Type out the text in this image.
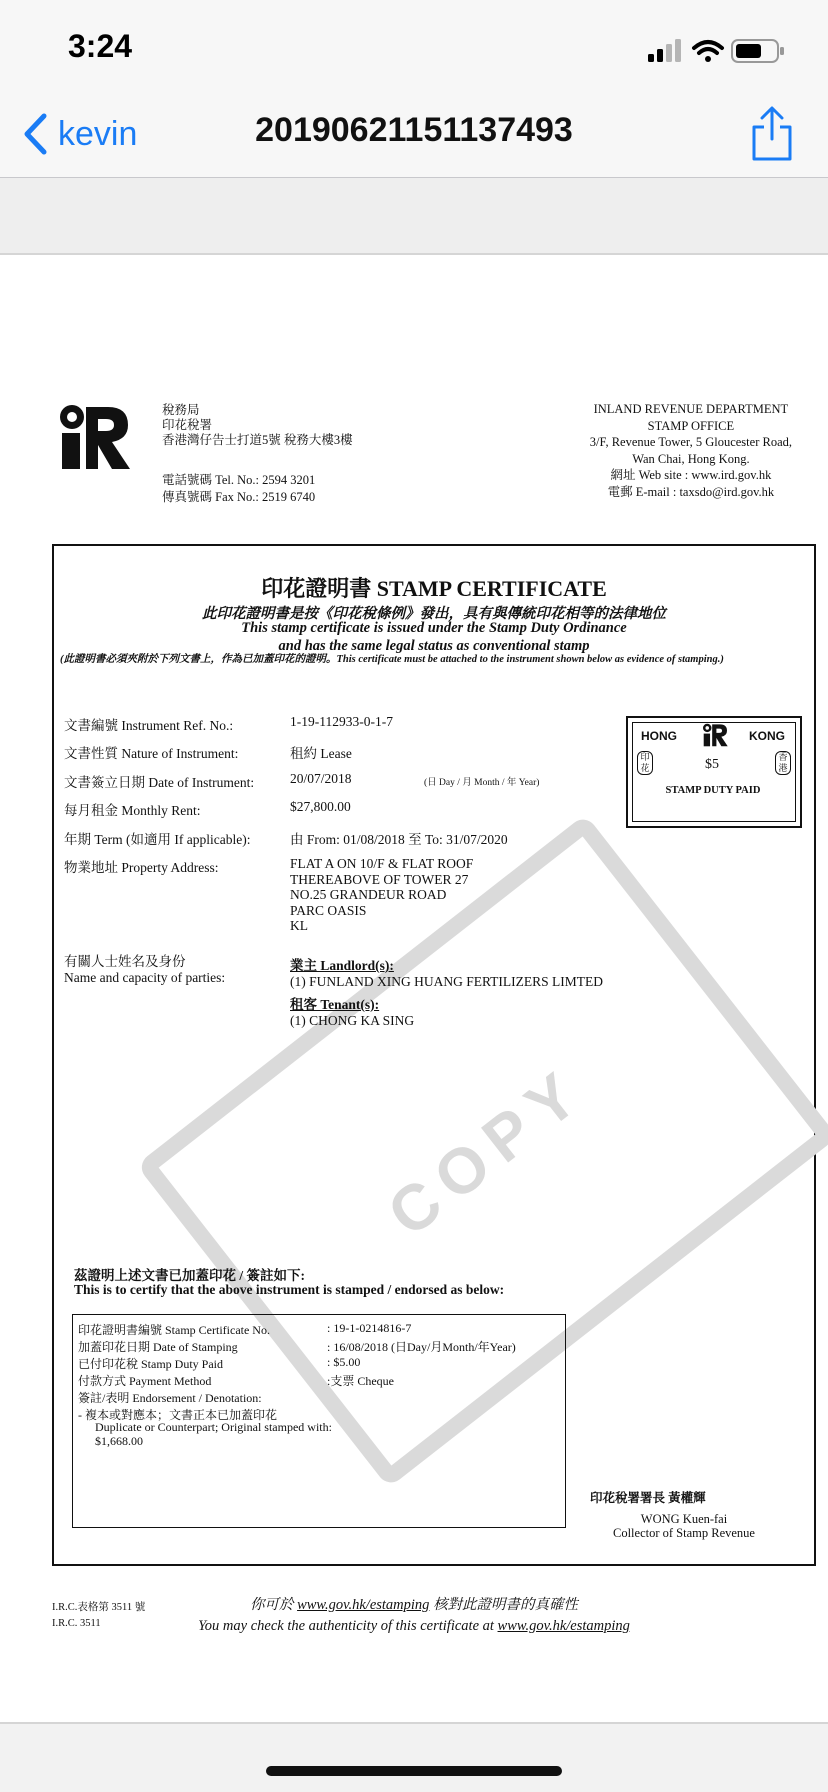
3:24
kevin	20190621151137493
稅務局
印花稅署
香港灣仔告士打道5號 稅務大樓3樓
電話號碼 Tel. No.: 2594 3201
傳真號碼 Fax No.: 2519 6740
INLAND REVENUE DEPARTMENT
STAMP OFFICE
3/F, Revenue Tower, 5 Gloucester Road,
Wan Chai, Hong Kong.
網址 Web site : www.ird.gov.hk
電郵 E-mail : taxsdo@ird.gov.hk
COPY
印花證明書 STAMP CERTIFICATE
此印花證明書是按《印花稅條例》發出，具有與傳統印花相等的法律地位
This stamp certificate is issued under the Stamp Duty Ordinance
and has the same legal status as conventional stamp
(此證明書必須夾附於下列文書上，作為已加蓋印花的證明。This certificate must be attached to the instrument shown below as evidence of stamping.)
文書編號 Instrument Ref. No.:	1-19-112933-0-1-7
文書性質 Nature of Instrument:	租約 Lease
文書簽立日期 Date of Instrument:	20/07/2018	(日 Day / 月 Month / 年 Year)
每月租金 Monthly Rent:	$27,800.00
年期 Term (如適用 If applicable):	由 From: 01/08/2018 至 To: 31/07/2020
物業地址 Property Address:	FLAT A ON 10/F & FLAT ROOF
THEREABOVE OF TOWER 27
NO.25 GRANDEUR ROAD
PARC OASIS
KL
有關人士姓名及身份
Name and capacity of parties:
業主 Landlord(s):
(1) FUNLAND XING HUANG FERTILIZERS LIMTED
租客 Tenant(s):
(1) CHONG KA SING
HONG	KONG
$5
STAMP DUTY PAID
印花
香港
茲證明上述文書已加蓋印花 / 簽註如下:
This is to certify that the above instrument is stamped / endorsed as below:
印花證明書編號 Stamp Certificate No.	: 19-1-0214816-7
加蓋印花日期 Date of Stamping	: 16/08/2018 (日Day/月Month/年Year)
已付印花稅 Stamp Duty Paid	: $5.00
付款方式 Payment Method	:支票 Cheque
簽註/表明 Endorsement / Denotation:
- 複本或對應本；文書正本已加蓋印花
Duplicate or Counterpart; Original stamped with:
$1,668.00
印花稅署署長 黃權輝
WONG Kuen-fai
Collector of Stamp Revenue
I.R.C.表格第 3511 號
I.R.C. 3511
你可於 www.gov.hk/estamping 核對此證明書的真確性
You may check the authenticity of this certificate at www.gov.hk/estamping
